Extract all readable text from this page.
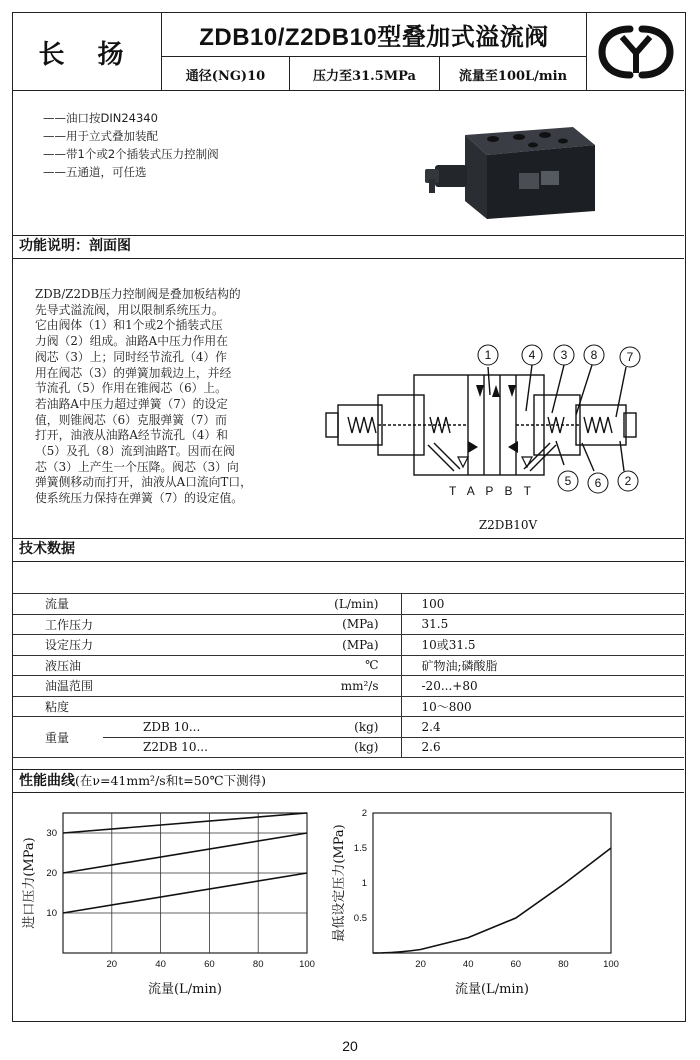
长 扬
ZDB10/Z2DB10型叠加式溢流阀
通径(NG)10	压力至31.5MPa	流量至100L/min
——油口按DIN24340
——用于立式叠加装配
——带1个或2个插装式压力控制阀
——五通道，可任选
功能说明：剖面图

ZDB/Z2DB压力控制阀是叠加板结构的

先导式溢流阀，用以限制系统压力。

它由阀体（1）和1个或2个插装式压

力阀（2）组成。油路A中压力作用在

阀芯（3）上；同时经节流孔（4）作

用在阀芯（3）的弹簧加载边上，并经

节流孔（5）作用在锥阀芯（6）上。

若油路A中压力超过弹簧（7）的设定

值，则锥阀芯（6）克服弹簧（7）而

打开，油液从油路A经节流孔（4）和

（5）及孔（8）流到油路T。因而在阀

芯（3）上产生一个压降。阀芯（3）向

弹簧侧移动而打开，油液从A口流向T口，

使系统压力保持在弹簧（7）的设定值。

1	4 3 8 7
5 6 2
T A P B T
Z2DB10V
技术数据
流量		(L/min)	100
工作压力		(MPa)	31.5
设定压力		(MPa)	10或31.5
液压油		℃	矿物油;磷酸脂
油温范围		mm²/s	-20...+80
粘度			10～800
重量	ZDB 10...	(kg)	2.4
	Z2DB 10...	(kg)	2.6
性能曲线(在ν=41mm²/s和t=50℃下测得)
20	40	60	80	100
10
20
30
流量(L/min)
进口压力(MPa)
20	40	60	80	100
0.5
1
1.5
2
流量(L/min)
最低设定压力(MPa)
20
